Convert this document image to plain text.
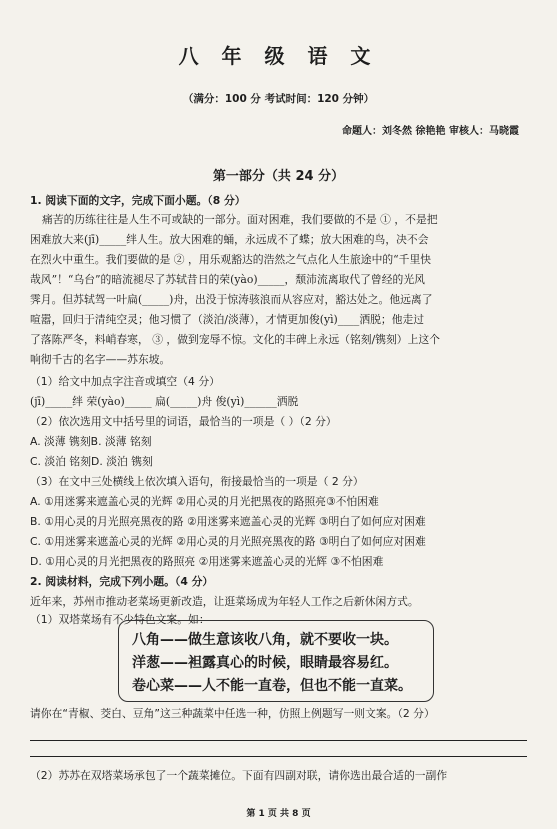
八 年 级 语 文
（满分：100 分 考试时间：120 分钟）
命题人：刘冬然 徐艳艳 审核人：马晓霞
第一部分（共 24 分）
1. 阅读下面的文字，完成下面小题。（8 分）
痛苦的历练往往是人生不可或缺的一部分。面对困难，我们要做的不是 ① ，不是把
困难放大来(jī)_____绊人生。放大困难的蛹，永远成不了蝶；放大困难的鸟，决不会
在烈火中重生。我们要做的是 ② ，用乐观豁达的浩然之气点化人生旅途中的“千里快
哉风”！“乌台”的暗流褪尽了苏轼昔日的荣(yào)_____，颓沛流离取代了曾经的光风
霁月。但苏轼驾一叶扁(_____)舟，出没于惊涛骇浪而从容应对，豁达处之。他远离了
喧嚣，回归于清纯空灵；他习惯了（淡泊/淡薄），才情更加俊(yì)____洒脱；他走过
了落陈严冬，料峭春寒， ③ ，做到宠辱不惊。文化的丰碑上永远（铭刻/镌刻）上这个
响彻千古的名字——苏东坡。
（1）给文中加点字注音或填空（4 分）
(jī)_____绊 荣(yào)_____ 扁(_____)舟 俊(yì)______洒脱
（2）依次选用文中括号里的词语，最恰当的一项是（ ）（2 分）
A. 淡薄 镌刻B. 淡薄 铭刻
C. 淡泊 铭刻D. 淡泊 镌刻
（3）在文中三处横线上依次填入语句，衔接最恰当的一项是（ 2 分）
A. ①用迷雾来遮盖心灵的光辉 ②用心灵的月光把黑夜的路照亮③不怕困难
B. ①用心灵的月光照亮黑夜的路 ②用迷雾来遮盖心灵的光辉 ③明白了如何应对困难
C. ①用迷雾来遮盖心灵的光辉 ②用心灵的月光照亮黑夜的路 ③明白了如何应对困难
D. ①用心灵的月光把黑夜的路照亮 ②用迷雾来遮盖心灵的光辉 ③不怕困难
2. 阅读材料，完成下列小题。（4 分）
近年来，苏州市推动老菜场更新改造，让逛菜场成为年轻人工作之后新休闲方式。
（1）双塔菜场有不少特色文案。如：
八角——做生意该收八角，就不要收一块。
洋葱——袒露真心的时候，眼睛最容易红。
卷心菜——人不能一直卷，但也不能一直菜。
请你在“青椒、茭白、豆角”这三种蔬菜中任选一种，仿照上例题写一则文案。（2 分）
（2）苏苏在双塔菜场承包了一个蔬菜摊位。下面有四副对联，请你选出最合适的一副作
第 1 页 共 8 页
